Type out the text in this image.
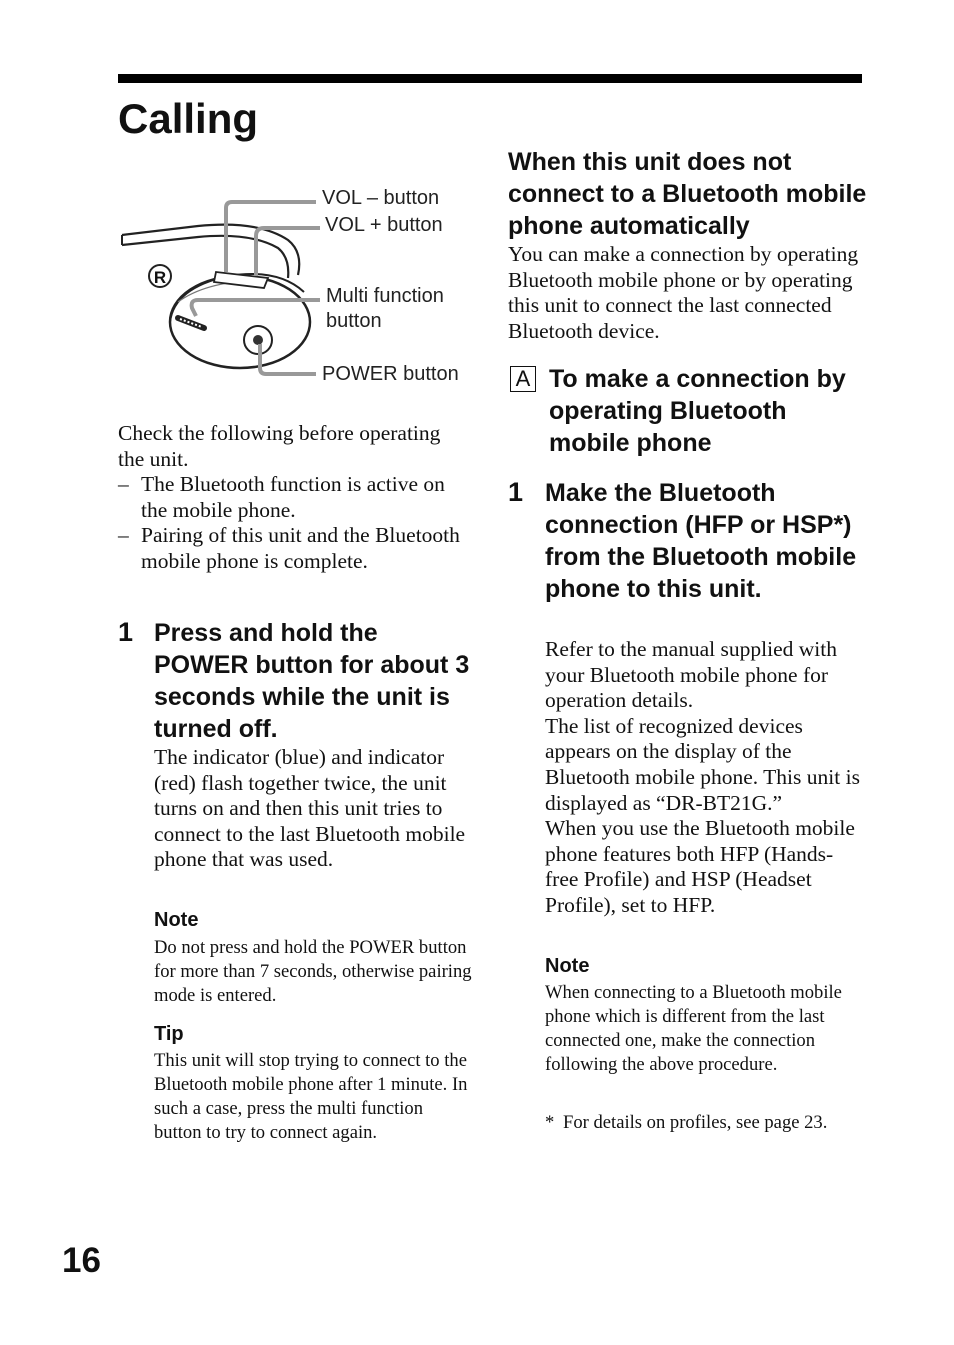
Calling
R
VOL – button
VOL + button
Multi function
button
POWER button

Check the following before operating the unit.

– The Bluetooth function is active on the mobile phone.
– Pairing of this unit and the Bluetooth mobile phone is complete.
1 Press and hold the POWER button for about 3 seconds while the unit is turned off.

The indicator (blue) and indicator (red) flash together twice, the unit turns on and then this unit tries to connect to the last Bluetooth mobile phone that was used.

Note

Do not press and hold the POWER button for more than 7 seconds, otherwise pairing mode is entered.

Tip

This unit will stop trying to connect to the Bluetooth mobile phone after 1 minute. In such a case, press the multi function button to try to connect again.

16
When this unit does not connect to a Bluetooth mobile phone automatically

You can make a connection by operating Bluetooth mobile phone or by operating this unit to connect the last connected Bluetooth device.

A To make a connection by operating Bluetooth mobile phone
1 Make the Bluetooth connection (HFP or HSP*) from the Bluetooth mobile phone to this unit.
Refer to the manual supplied with your Bluetooth mobile phone for operation details.
The list of recognized devices appears on the display of the Bluetooth mobile phone. This unit is displayed as “DR-BT21G.”
When you use the Bluetooth mobile phone features both HFP (Hands-free Profile) and HSP (Headset Profile), set to HFP.
Note

When connecting to a Bluetooth mobile phone which is different from the last connected one, make the connection following the above procedure.

* For details on profiles, see page 23.
